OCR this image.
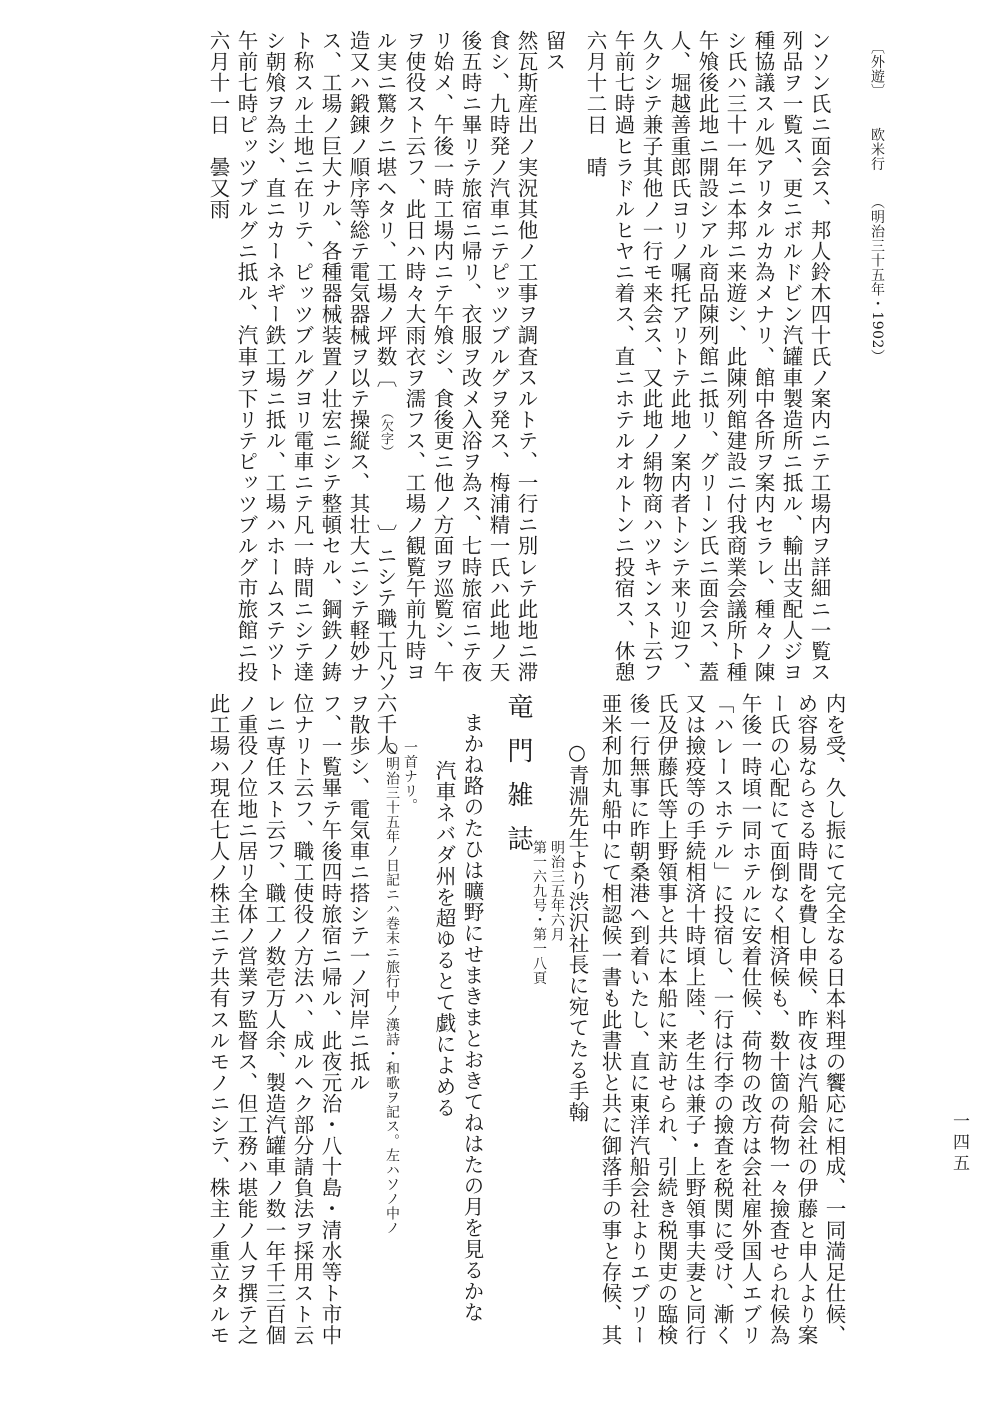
六月十一日　曇又雨 午前七時ピッツブルグニ抵ル、汽車ヲ下リテピッツブルグ市旅館ニ投 シ朝飧ヲ為シ、直ニカーネギー鉄工場ニ抵ル、工場ハホームステツト ト称スル土地ニ在リテ、ピッツブルグヨリ電車ニテ凡一時間ニシテ達 ス、工場ノ巨大ナル、各種器械装置ノ壮宏ニシテ整頓セル、鋼鉄ノ鋳 造又ハ鍛錬ノ順序等総テ電気器械ヲ以テ操縦ス、其壮大ニシテ軽妙ナ ル実ニ驚クニ堪ヘタリ、工場ノ坪数〔（欠字）〕ニシテ職工凡ソ六千人 ヲ使役スト云フ、此日ハ時々大雨衣ヲ濡フス、工場ノ観覧午前九時ヨ リ始メ、午後一時工場内ニテ午飧シ、食後更ニ他ノ方面ヲ巡覧シ、午 後五時ニ畢リテ旅宿ニ帰リ、衣服ヲ改メ入浴ヲ為ス、七時旅宿ニテ夜 食シ、九時発ノ汽車ニテピッツブルグヲ発ス、梅浦精一氏ハ此地ノ天 然瓦斯産出ノ実況其他ノ工事ヲ調査スルトテ、一行ニ別レテ此地ニ滞 留ス 六月十二日　晴 午前七時過ヒラドルヒヤニ着ス、直ニホテルオルトンニ投宿ス、休憩 久クシテ兼子其他ノ一行モ来会ス、又此地ノ絹物商ハツキンスト云フ 人、堀越善重郎氏ヨリノ嘱托アリトテ此地ノ案内者トシテ来リ迎フ、 午飧後此地ニ開設シアル商品陳列館ニ抵リ、グリーン氏ニ面会ス、蓋 シ氏ハ三十一年ニ本邦ニ来遊シ、此陳列館建設ニ付我商業会議所ト種 種協議スル処アリタルカ為メナリ、館中各所ヲ案内セラレ、種々ノ陳 列品ヲ一覧ス、更ニボルドビン汽罐車製造所ニ抵ル、輸出支配人ジヨ ンソン氏ニ面会ス、邦人鈴木四十氏ノ案内ニテ工場内ヲ詳細ニ一覧ス	〔外遊〕  欧米行  （明治三十五年・1902）
一四五
此工場ハ現在七人ノ株主ニテ共有スルモノニシテ、株主ノ重立タルモ ノ重役ノ位地ニ居リ全体ノ営業ヲ監督ス、但工務ハ堪能ノ人ヲ撰テ之 レニ専任スト云フ、職工ノ数壱万人余、製造汽罐車ノ数一年千三百個 位ナリト云フ、職工使役ノ方法ハ、成ルヘク部分請負法ヲ採用スト云 フ、一覧畢テ午後四時旅宿ニ帰ル、此夜元治・八十島・清水等ト市中 ヲ散歩シ、電気車ニ搭シテ一ノ河岸ニ抵ル ○明治三十五年ノ日記ニハ巻末ニ旅行中ノ漢詩・和歌ヲ記ス。左ハソノ中ノ 一首ナリ。 汽車ネバダ州を超ゆるとて戯によめる まかね路のたひは曠野にせまきまとおきてねはたの月を見るかな 竜門雑誌
第一六九号・第一八頁 明治三五年六月 ○青淵先生より渋沢社長に宛てたる手翰 亜米利加丸船中にて相認候一書も此書状と共に御落手の事と存候、其 後一行無事に昨朝桑港へ到着いたし、直に東洋汽船会社よりエブリー 氏及伊藤氏等上野領事と共に本船に来訪せられ、引続き税関吏の臨検 又は撿疫等の手続相済十時頃上陸、老生は兼子・上野領事夫妻と同行 「ハレースホテル」に投宿し、一行は行李の撿査を税関に受け、漸く 午後一時頃一同ホテルに安着仕候、荷物の改方は会社雇外国人エブリ ー氏の心配にて面倒なく相済候も、数十箇の荷物一々撿査せられ候為 め容易ならさる時間を費し申候、昨夜は汽船会社の伊藤と申人より案 内を受、久し振にて完全なる日本料理の饗応に相成、一同満足仕候、
